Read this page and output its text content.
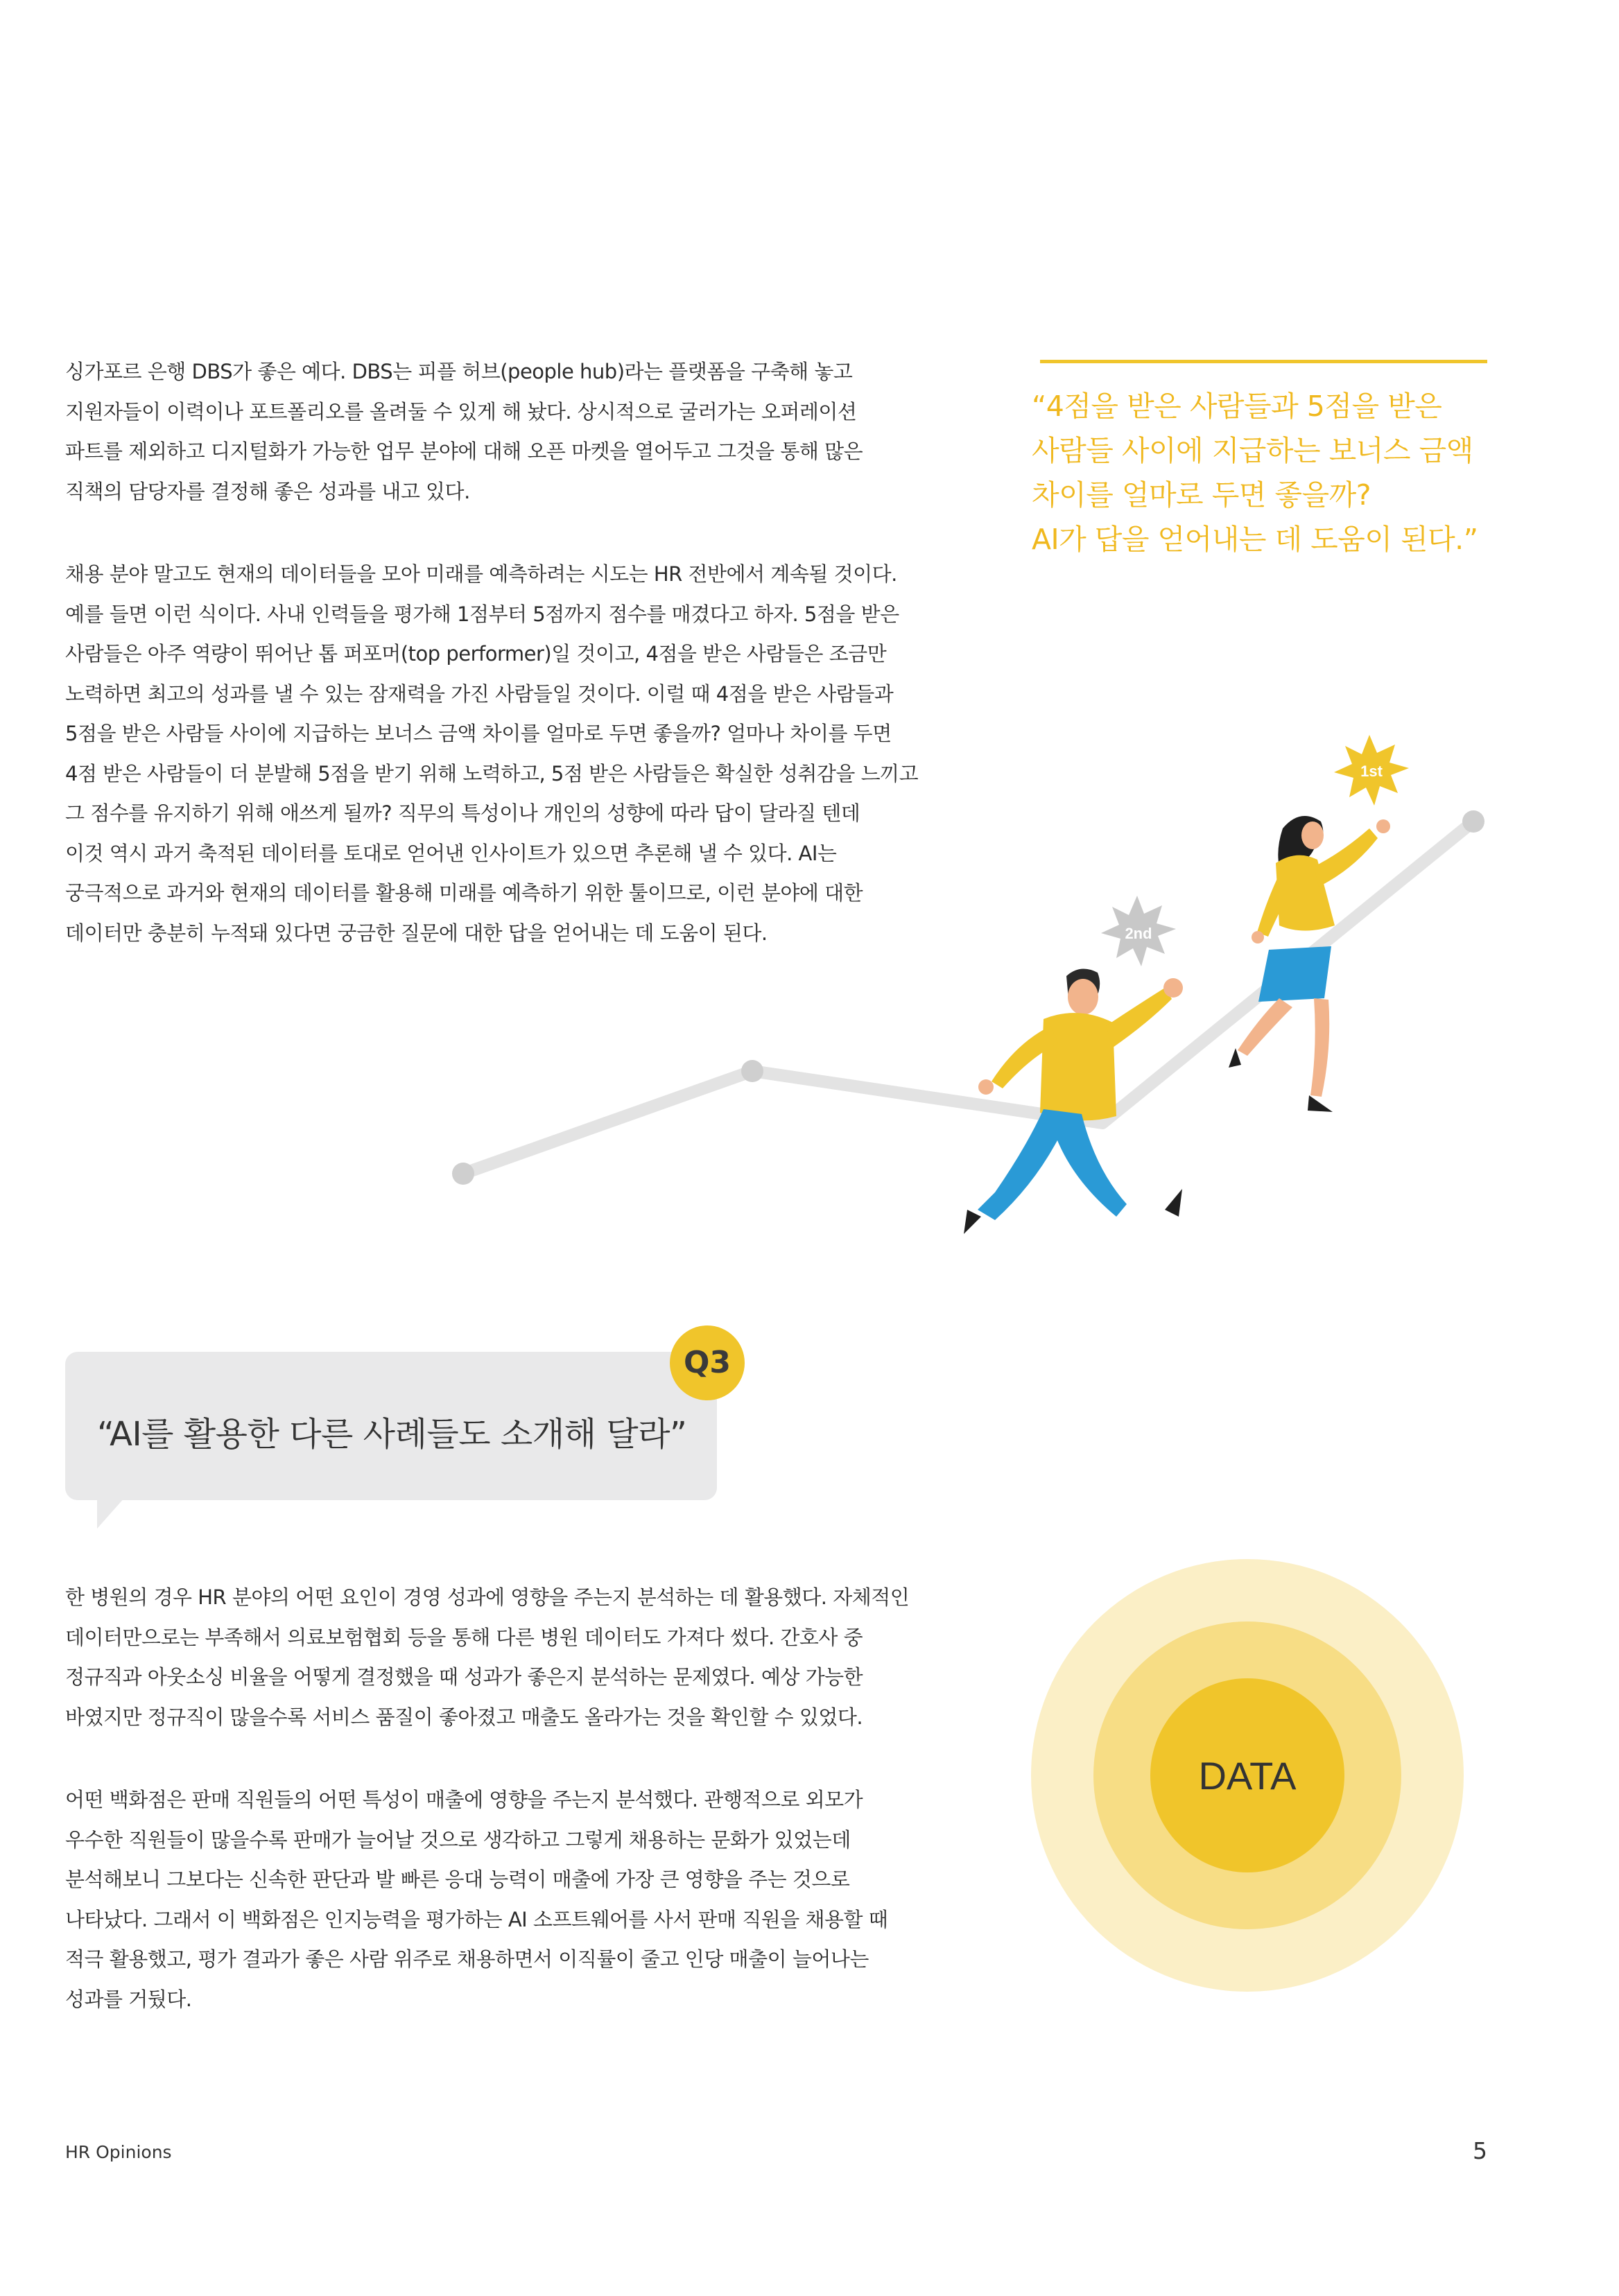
싱가포르 은행 DBS가 좋은 예다. DBS는 피플 허브(people hub)라는 플랫폼을 구축해 놓고
지원자들이 이력이나 포트폴리오를 올려둘 수 있게 해 놨다. 상시적으로 굴러가는 오퍼레이션
파트를 제외하고 디지털화가 가능한 업무 분야에 대해 오픈 마켓을 열어두고 그것을 통해 많은
직책의 담당자를 결정해 좋은 성과를 내고 있다.
채용 분야 말고도 현재의 데이터들을 모아 미래를 예측하려는 시도는 HR 전반에서 계속될 것이다.
예를 들면 이런 식이다. 사내 인력들을 평가해 1점부터 5점까지 점수를 매겼다고 하자. 5점을 받은
사람들은 아주 역량이 뛰어난 톱 퍼포머(top performer)일 것이고, 4점을 받은 사람들은 조금만
노력하면 최고의 성과를 낼 수 있는 잠재력을 가진 사람들일 것이다. 이럴 때 4점을 받은 사람들과
5점을 받은 사람들 사이에 지급하는 보너스 금액 차이를 얼마로 두면 좋을까? 얼마나 차이를 두면
4점 받은 사람들이 더 분발해 5점을 받기 위해 노력하고, 5점 받은 사람들은 확실한 성취감을 느끼고
그 점수를 유지하기 위해 애쓰게 될까? 직무의 특성이나 개인의 성향에 따라 답이 달라질 텐데
이것 역시 과거 축적된 데이터를 토대로 얻어낸 인사이트가 있으면 추론해 낼 수 있다. AI는
궁극적으로 과거와 현재의 데이터를 활용해 미래를 예측하기 위한 툴이므로, 이런 분야에 대한
데이터만 충분히 누적돼 있다면 궁금한 질문에 대한 답을 얻어내는 데 도움이 된다.
“4점을 받은 사람들과 5점을 받은
사람들 사이에 지급하는 보너스 금액
차이를 얼마로 두면 좋을까?
AI가 답을 얻어내는 데 도움이 된다.”
1st
2nd
Q3
“AI를 활용한 다른 사례들도 소개해 달라”
한 병원의 경우 HR 분야의 어떤 요인이 경영 성과에 영향을 주는지 분석하는 데 활용했다. 자체적인
데이터만으로는 부족해서 의료보험협회 등을 통해 다른 병원 데이터도 가져다 썼다. 간호사 중
정규직과 아웃소싱 비율을 어떻게 결정했을 때 성과가 좋은지 분석하는 문제였다. 예상 가능한
바였지만 정규직이 많을수록 서비스 품질이 좋아졌고 매출도 올라가는 것을 확인할 수 있었다.
어떤 백화점은 판매 직원들의 어떤 특성이 매출에 영향을 주는지 분석했다. 관행적으로 외모가
우수한 직원들이 많을수록 판매가 늘어날 것으로 생각하고 그렇게 채용하는 문화가 있었는데
분석해보니 그보다는 신속한 판단과 발 빠른 응대 능력이 매출에 가장 큰 영향을 주는 것으로
나타났다. 그래서 이 백화점은 인지능력을 평가하는 AI 소프트웨어를 사서 판매 직원을 채용할 때
적극 활용했고, 평가 결과가 좋은 사람 위주로 채용하면서 이직률이 줄고 인당 매출이 늘어나는
성과를 거뒀다.
DATA
HR Opinions	5
